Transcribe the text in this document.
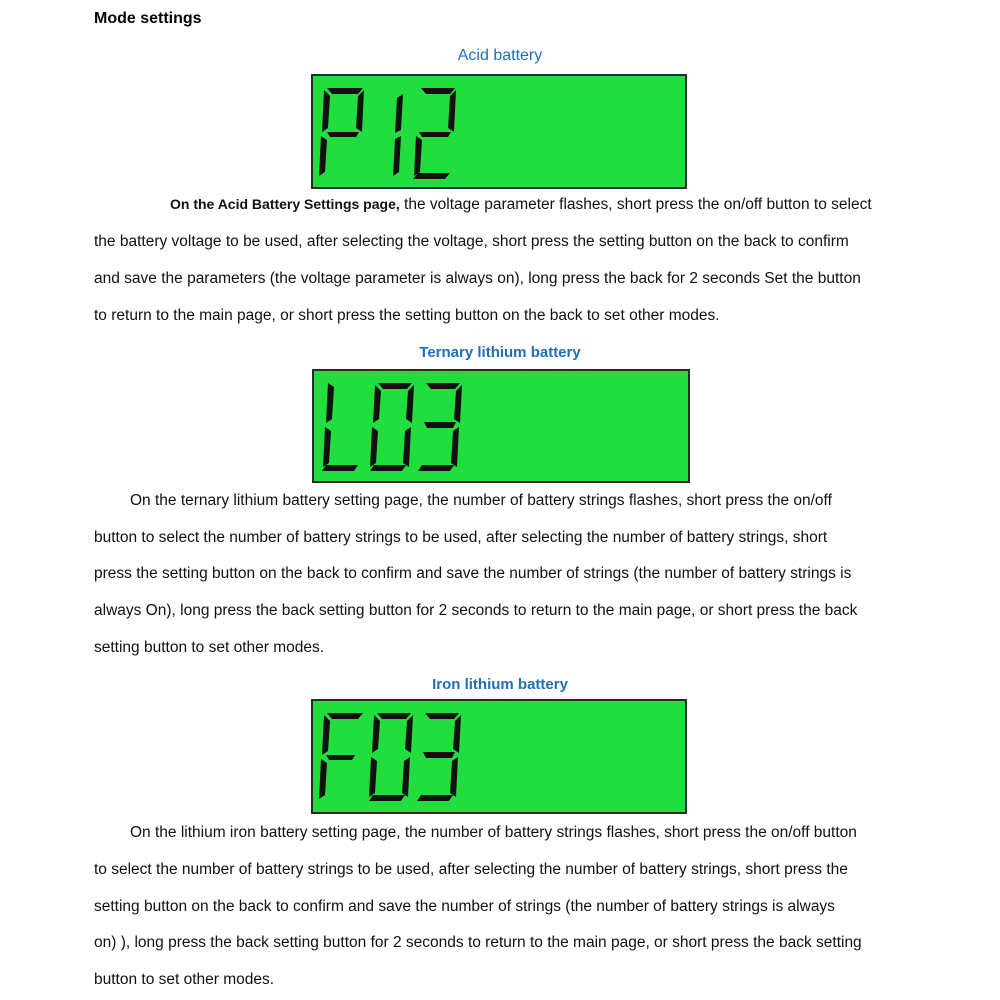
Mode settings
Acid battery
On the Acid Battery Settings page, the voltage parameter flashes, short press the on/off button to select
the battery voltage to be used, after selecting the voltage, short press the setting button on the back to confirm
and save the parameters (the voltage parameter is always on), long press the back for 2 seconds Set the button
to return to the main page, or short press the setting button on the back to set other modes.
Ternary lithium battery
On the ternary lithium battery setting page, the number of battery strings flashes, short press the on/off
button to select the number of battery strings to be used, after selecting the number of battery strings, short
press the setting button on the back to confirm and save the number of strings (the number of battery strings is
always On), long press the back setting button for 2 seconds to return to the main page, or short press the back
setting button to set other modes.
Iron lithium battery
On the lithium iron battery setting page, the number of battery strings flashes, short press the on/off button
to select the number of battery strings to be used, after selecting the number of battery strings, short press the
setting button on the back to confirm and save the number of strings (the number of battery strings is always
on) ), long press the back setting button for 2 seconds to return to the main page, or short press the back setting
button to set other modes.
